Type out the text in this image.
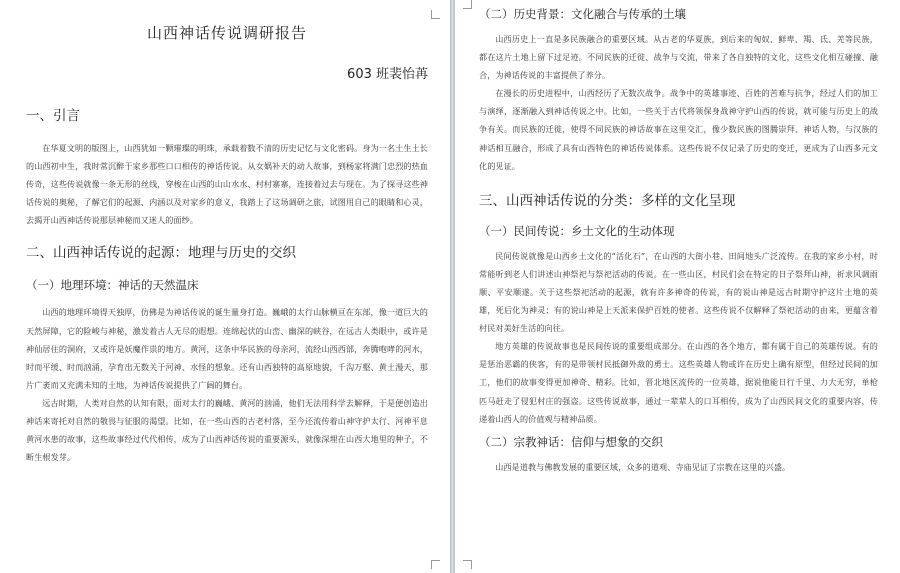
山西神话传说调研报告
603 班裴怡苒
一、引言
在华夏文明的版图上，山西犹如一颗璀璨的明珠，承载着数不清的历史记忆与文化密码。身为一名土生土长的山西初中生，我时常沉醉于家乡那些口口相传的神话传说。从女娲补天的动人故事，到杨家将满门忠烈的热血传奇，这些传说就像一条无形的丝线，穿梭在山西的山山水水、村村寨寨，连接着过去与现在。为了探寻这些神话传说的奥秘，了解它们的起源、内涵以及对家乡的意义，我踏上了这场调研之旅，试图用自己的眼睛和心灵，去揭开山西神话传说那层神秘而又迷人的面纱。
二、山西神话传说的起源：地理与历史的交织
（一）地理环境：神话的天然温床
山西的地理环境得天独厚，仿佛是为神话传说的诞生量身打造。巍峨的太行山脉横亘在东部，像一道巨大的天然屏障，它的险峻与神秘，激发着古人无尽的遐想。连绵起伏的山峦、幽深的峡谷，在远古人类眼中，或许是神仙居住的洞府，又或许是妖魔作祟的地方。黄河，这条中华民族的母亲河，流经山西西部，奔腾咆哮的河水，时而平缓、时而汹涌，孕育出无数关于河神、水怪的想象。还有山西独特的高原地貌，千沟万壑、黄土漫天，那片广袤而又充满未知的土地，为神话传说提供了广阔的舞台。
远古时期，人类对自然的认知有限，面对太行的巍峨、黄河的汹涌，他们无法用科学去解释，于是便创造出神话来寄托对自然的敬畏与征服的渴望。比如，在一些山西的古老村落，至今还流传着山神守护太行、河神平息黄河水患的故事，这些故事经过代代相传，成为了山西神话传说的重要源头，就像深埋在山西大地里的种子，不断生根发芽。
（二）历史背景：文化融合与传承的土壤
山西历史上一直是多民族融合的重要区域。从古老的华夏族，到后来的匈奴、鲜卑、羯、氐、羌等民族，都在这片土地上留下过足迹。不同民族的迁徙、战争与交流，带来了各自独特的文化，这些文化相互碰撞、融合，为神话传说的丰富提供了养分。
在漫长的历史进程中，山西经历了无数次战争。战争中的英雄事迹、百姓的苦难与抗争，经过人们的加工与演绎，逐渐融入到神话传说之中。比如，一些关于古代将领保身战神守护山西的传说，就可能与历史上的战争有关。而民族的迁徙，使得不同民族的神话故事在这里交汇，像少数民族的图腾崇拜、神话人物，与汉族的神话相互融合，形成了具有山西特色的神话传说体系。这些传说不仅记录了历史的变迁，更成为了山西多元文化的见证。
三、山西神话传说的分类：多样的文化呈现
（一）民间传说：乡土文化的生动体现
民间传说就像是山西乡土文化的“活化石”，在山西的大街小巷、田间地头广泛流传。在我的家乡小村，时常能听到老人们讲述山神祭祀与祭祀活动的传说。在一些山区，村民们会在特定的日子祭拜山神，祈求风调雨顺、平安顺遂。关于这些祭祀活动的起源，就有许多神奇的传说，有的说山神是远古时期守护这片土地的英雄，死后化为神灵；有的说山神是上天派来保护百姓的使者。这些传说不仅解释了祭祀活动的由来，更蕴含着村民对美好生活的向往。
地方英雄的传说故事也是民间传说的重要组成部分。在山西的各个地方，都有属于自己的英雄传说。有的是惩治恶霸的侠客，有的是带领村民抵御外敌的勇士。这些英雄人物或许在历史上确有原型，但经过民间的加工，他们的故事变得更加神奇、精彩。比如，晋北地区流传的一位英雄，据说他能日行千里、力大无穷，单枪匹马赶走了侵犯村庄的强盗。这些传说故事，通过一辈辈人的口耳相传，成为了山西民间文化的重要内容，传递着山西人的价值观与精神品质。
（二）宗教神话：信仰与想象的交织
山西是道教与佛教发展的重要区域，众多的道观、寺庙见证了宗教在这里的兴盛。
